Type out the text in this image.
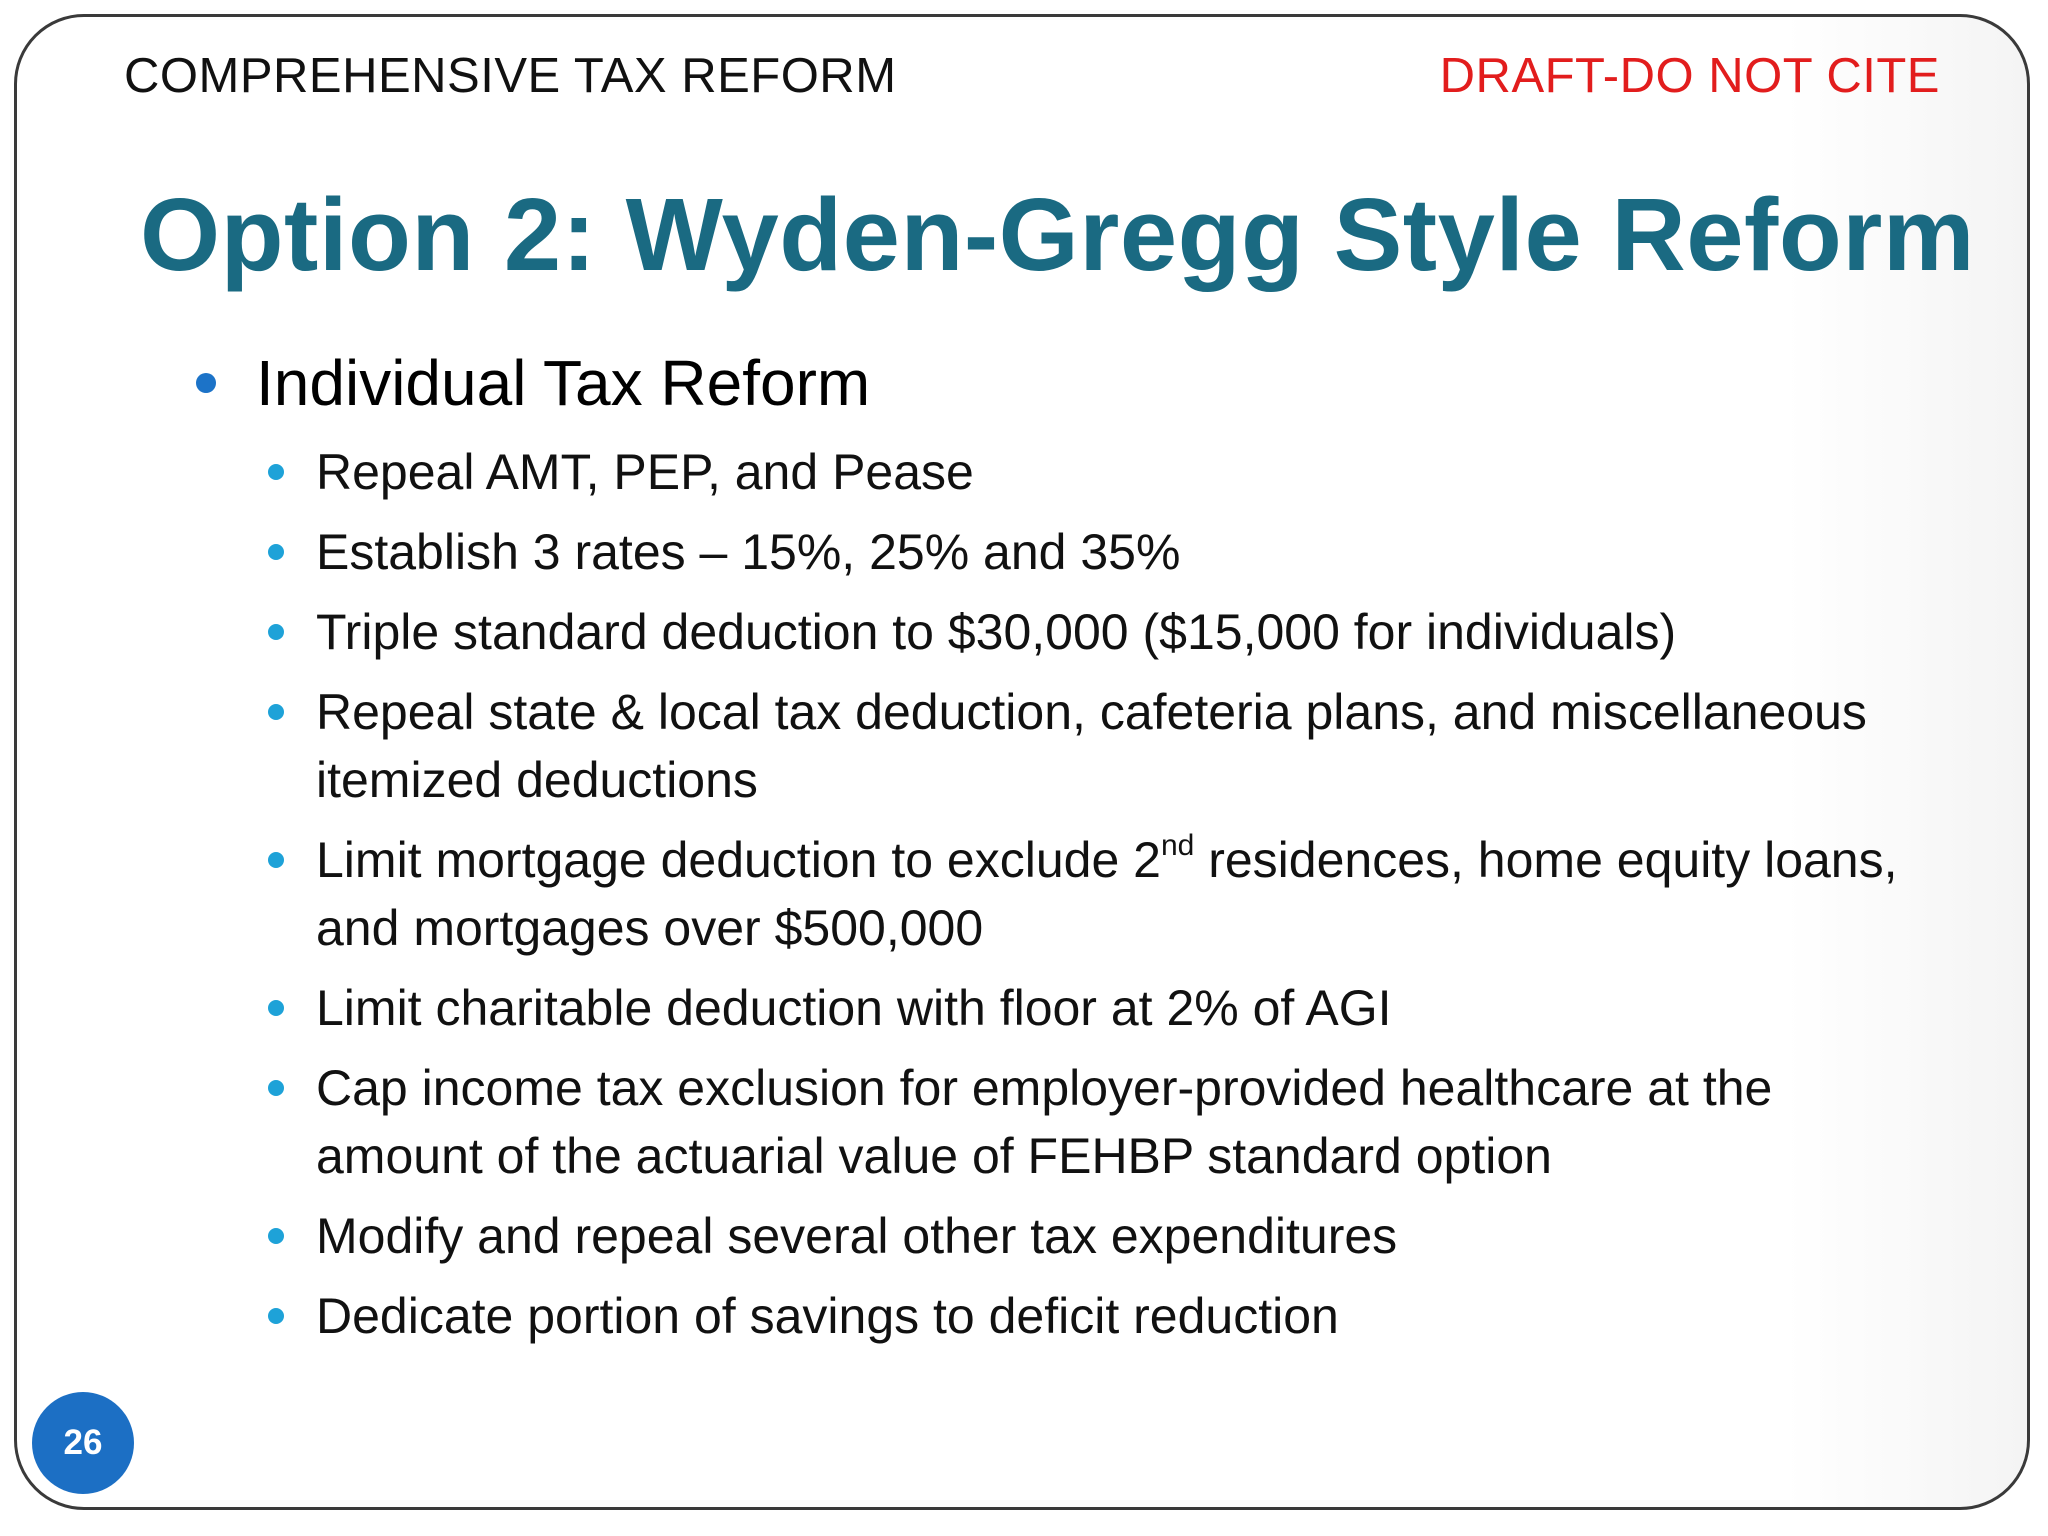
COMPREHENSIVE TAX REFORM	DRAFT-DO NOT CITE
Option 2: Wyden-Gregg Style Reform
Individual Tax Reform
Repeal AMT, PEP, and Pease
Establish 3 rates – 15%, 25% and 35%
Triple standard deduction to $30,000 ($15,000 for individuals)
Repeal state & local tax deduction, cafeteria plans, and miscellaneous itemized deductions
Limit mortgage deduction to exclude 2nd residences, home equity loans, and mortgages over $500,000
Limit charitable deduction with floor at 2% of AGI
Cap income tax exclusion for employer-provided healthcare at the amount of the actuarial value of FEHBP standard option
Modify and repeal several other tax expenditures
Dedicate portion of savings to deficit reduction
26
